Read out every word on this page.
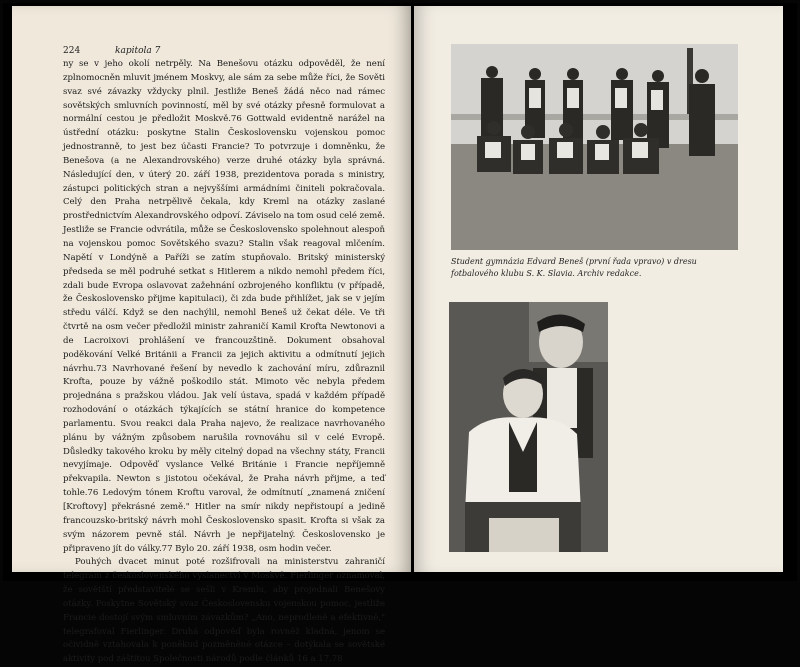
224	kapitola 7

ny se v jeho okolí netrpěly. Na Benešovu otázku odpověděl, že není zplnomocněn mluvit jménem Moskvy, ale sám za sebe může říci, že Sověti svaz své závazky vždycky plnil. Jestliže Beneš žádá něco nad rámec sovětských smluvních povinností, měl by své otázky přesně formulovat a normální cestou je předložit Moskvě.76 Gottwald evidentně narážel na ústřední otázku: poskytne Stalin Československu vojenskou pomoc jednostranně, to jest bez účasti Francie? To potvrzuje i domněnku, že Benešova (a ne Alexandrovského) verze druhé otázky byla správná. Následující den, v úterý 20. září 1938, prezidentova porada s ministry, zástupci politických stran a nejvyššími armádními činiteli pokračovala. Celý den Praha netrpělivě čekala, kdy Kreml na otázky zaslané prostřednictvím Alexandrovského odpoví. Záviselo na tom osud celé země. Jestliže se Francie odvrátila, může se Československo spolehnout alespoň na vojenskou pomoc Sovětského svazu? Stalin však reagoval mlčením. Napětí v Londýně a Paříži se zatím stupňovalo. Britský ministerský předseda se měl podruhé setkat s Hitlerem a nikdo nemohl předem říci, zdali bude Evropa oslavovat zažehnání ozbrojeného konfliktu (v případě, že Československo přijme kapitulaci), či zda bude přihlížet, jak se v jejím středu válčí. Když se den nachýlil, nemohl Beneš už čekat déle. Ve tři čtvrtě na osm večer předložil ministr zahraničí Kamil Krofta Newtonovi a de Lacroixovi prohlášení ve francouzštině. Dokument obsahoval poděkování Velké Británii a Francii za jejich aktivitu a odmítnutí jejich návrhu.73 Navrhované řešení by nevedlo k zachování míru, zdůraznil Krofta, pouze by vážně poškodilo stát. Mimoto věc nebyla předem projednána s pražskou vládou. Jak velí ústava, spadá v každém případě rozhodování o otázkách týkajících se státní hranice do kompetence parlamentu. Svou reakci dala Praha najevo, že realizace navrhovaného plánu by vážným způsobem narušila rovnováhu sil v celé Evropě. Důsledky takového kroku by měly citelný dopad na všechny státy, Francii nevyjímaje. Odpověď vyslance Velké Británie i Francie nepříjemně překvapila. Newton s jistotou očekával, že Praha návrh přijme, a teď tohle.76 Ledovým tónem Kroftu varoval, že odmítnutí „znamená zničení [Kroftovy] překrásné země." Hitler na smír nikdy nepřistoupí a jedině francouzsko-britský návrh mohl Československo spasit. Krofta si však za svým názorem pevně stál. Návrh je nepřijatelný. Československo je připraveno jít do války.77 Bylo 20. září 1938, osm hodin večer.

Pouhých dvacet minut poté rozšifrovali na ministerstvu zahraničí telegram z československého vyslanectví v Moskvě. Fierlinger oznamoval, že sovětští představitelé se sešli v Kremlu, aby projednali Benešovy otázky. Poskytne Sovětský svaz Československu vojenskou pomoc, jestliže Francie dostojí svým smluvním závazkům? „Ano, neprodleně a efektivně," telegrafoval Fierlinger. Druhá odpověď byla rovněž kladná, jenom se očividně vztahovala k poněkud pozměněné otázce – dotýkala se sovětské aktivity pod záštitou Společnosti národů podle článků 16 a 17.78

Student gymnázia Edvard Beneš (první řada vpravo) v dresu fotbalového klubu S. K. Slavia. Archiv redakce.
